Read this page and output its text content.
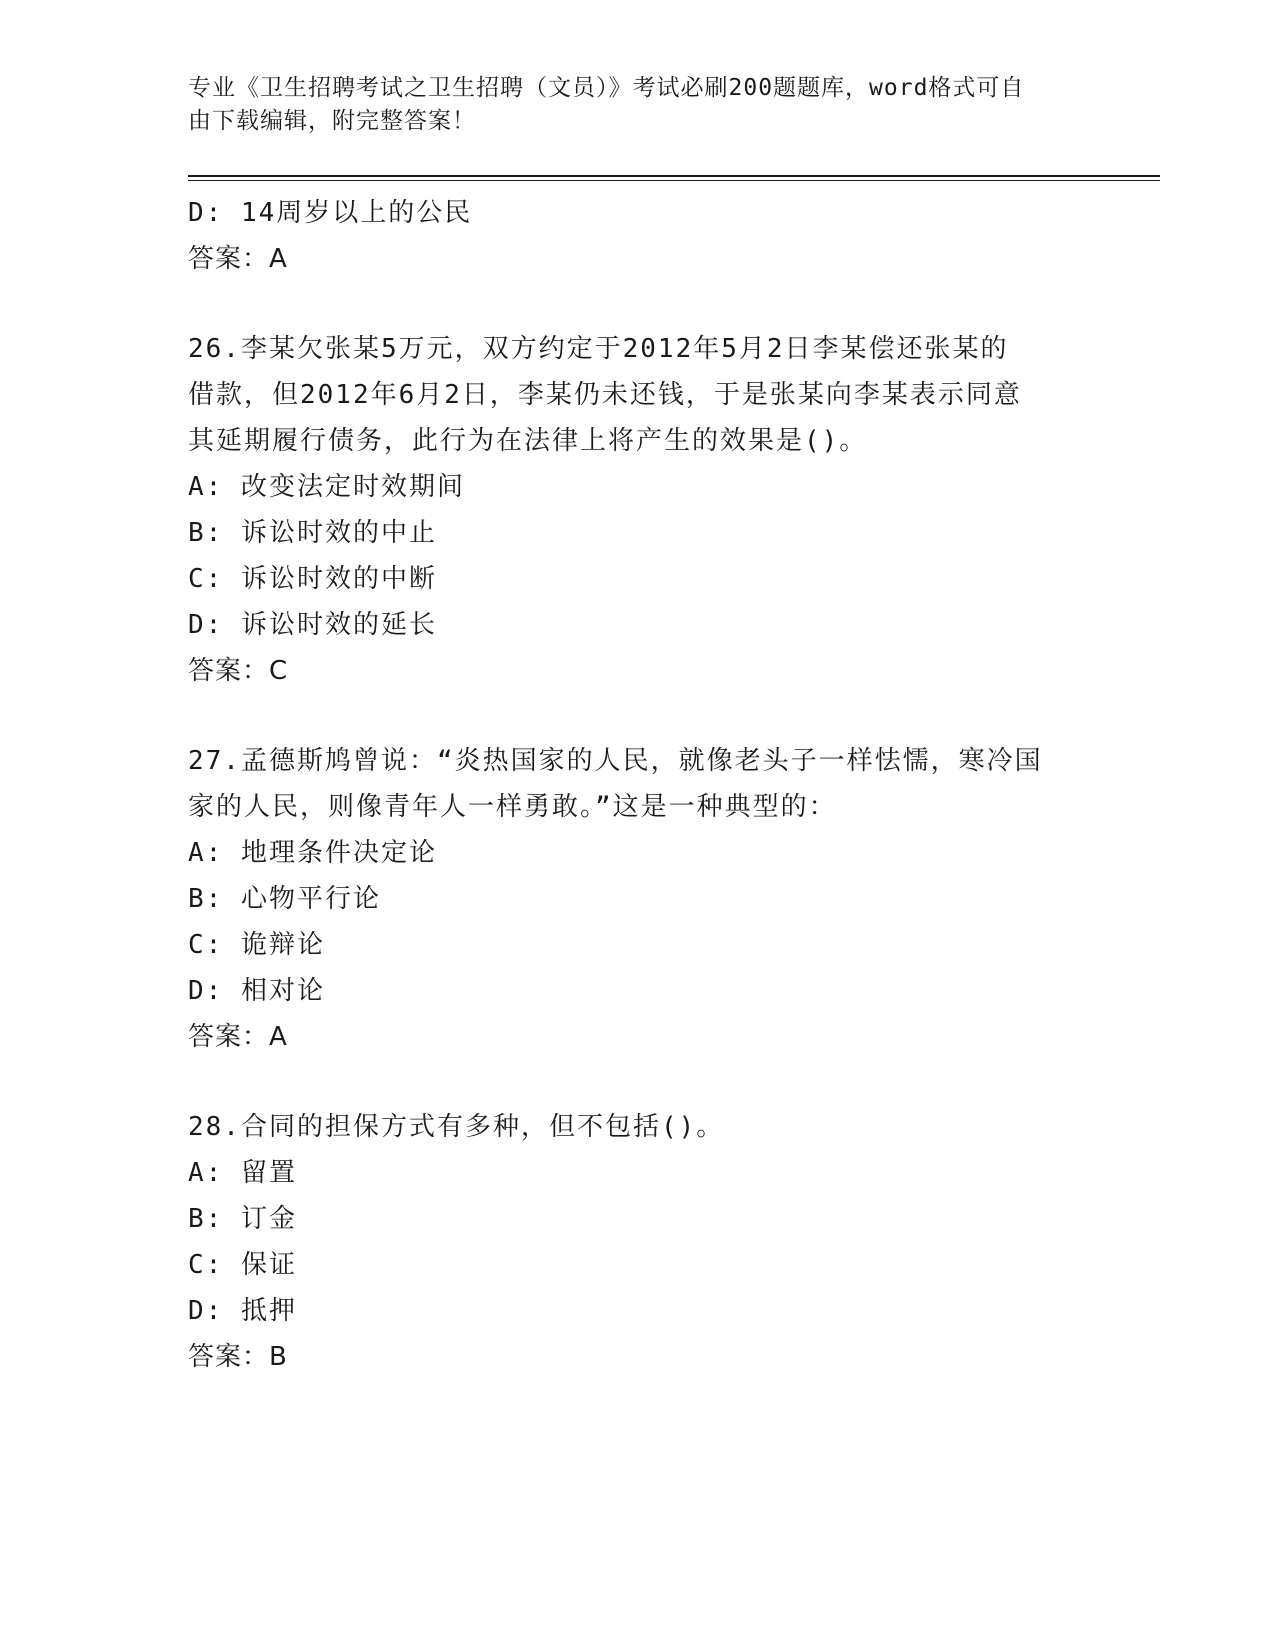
专业《卫生招聘考试之卫生招聘（文员）》考试必刷200题题库，word格式可自
由下载编辑，附完整答案！
D: 14周岁以上的公民
答案：A
26.李某欠张某5万元，双方约定于2012年5月2日李某偿还张某的
借款，但2012年6月2日，李某仍未还钱，于是张某向李某表示同意
其延期履行债务，此行为在法律上将产生的效果是()。
A: 改变法定时效期间
B: 诉讼时效的中止
C: 诉讼时效的中断
D: 诉讼时效的延长
答案：C
27.孟德斯鸠曾说：“炎热国家的人民，就像老头子一样怯懦，寒冷国
家的人民，则像青年人一样勇敢。”这是一种典型的：
A: 地理条件决定论
B: 心物平行论
C: 诡辩论
D: 相对论
答案：A
28.合同的担保方式有多种，但不包括()。
A: 留置
B: 订金
C: 保证
D: 抵押
答案：B
